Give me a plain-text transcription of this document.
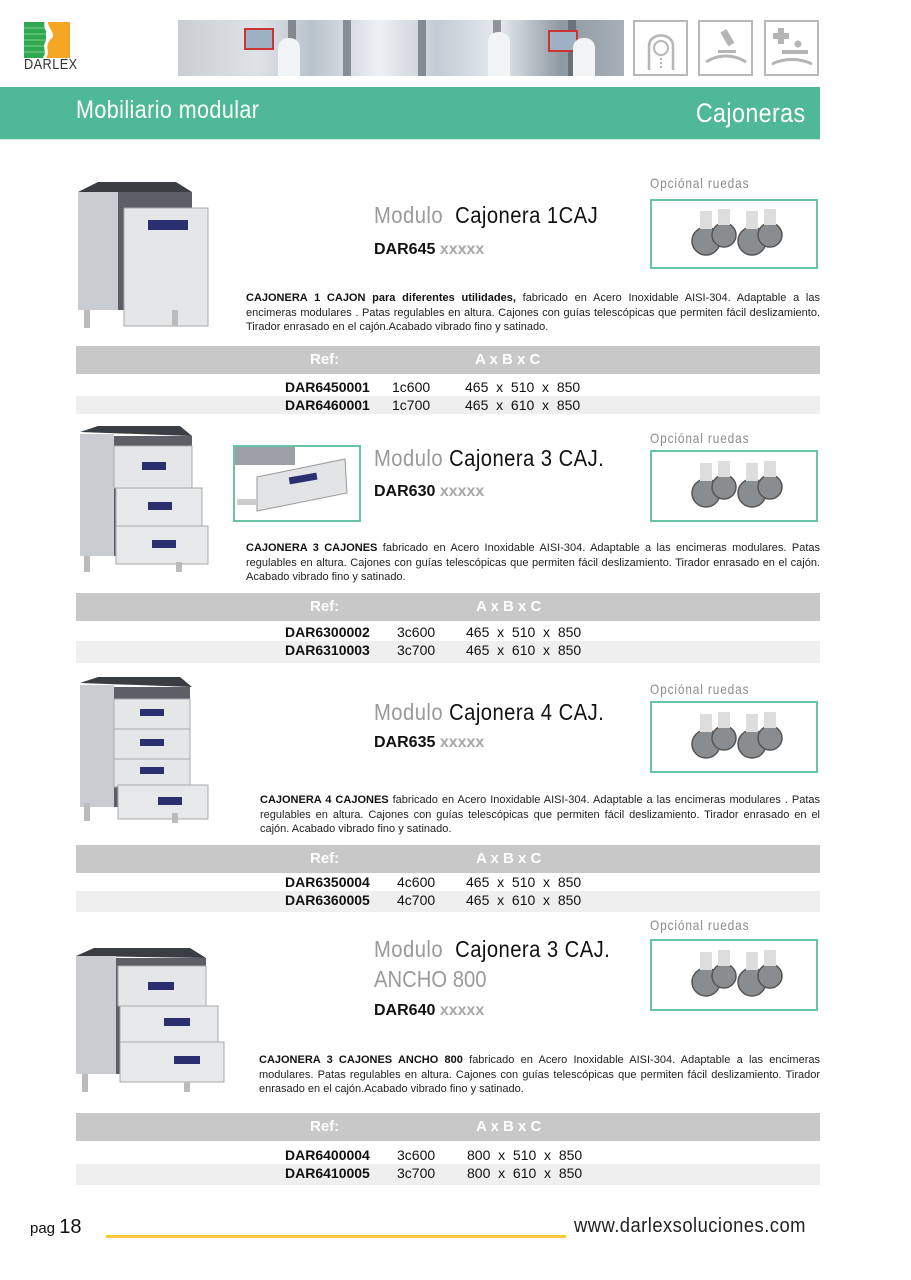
DARLEX
Mobiliario modular	Cajoneras
Opciónal ruedas
Modulo Cajonera 1CAJ
DAR645 xxxxx
CAJONERA 1 CAJON para diferentes utilidades, fabricado en Acero Inoxidable AISI-304. Adaptable a las encimeras modulares . Patas regulables en altura. Cajones con guías telescópicas que permiten fácil deslizamiento. Tirador enrasado en el cajón.Acabado vibrado fino y satinado.
Ref:	A x B x C
DAR6450001 1c600 465  x  510  x  850
DAR6460001 1c700 465  x  610  x  850
Opciónal ruedas
Modulo Cajonera 3 CAJ.
DAR630 xxxxx
CAJONERA 3 CAJONES fabricado en Acero Inoxidable AISI-304. Adaptable a las encimeras modulares. Patas regulables en altura. Cajones con guías telescópicas que permiten fácil deslizamiento. Tirador enrasado en el cajón. Acabado vibrado fino y satinado.
Ref:	A x B x C
DAR6300002 3c600 465  x  510  x  850
DAR6310003 3c700 465  x  610  x  850
Opciónal ruedas
Modulo Cajonera 4 CAJ.
DAR635 xxxxx
CAJONERA 4 CAJONES fabricado en Acero Inoxidable AISI-304. Adaptable a las encimeras modulares . Patas regulables en altura. Cajones con guías telescópicas que permiten fácil deslizamiento. Tirador enrasado en el cajón. Acabado vibrado fino y satinado.
Ref:	A x B x C
DAR6350004 4c600 465  x  510  x  850
DAR6360005 4c700 465  x  610  x  850
Opciónal ruedas
Modulo Cajonera 3 CAJ.
ANCHO 800
DAR640 xxxxx
CAJONERA 3 CAJONES ANCHO 800 fabricado en Acero Inoxidable AISI-304. Adaptable a las encimeras modulares. Patas regulables en altura. Cajones con guías telescópicas que permiten fácil deslizamiento. Tirador enrasado en el cajón.Acabado vibrado fino y satinado.
Ref:	A x B x C
DAR6400004 3c600 800  x  510  x  850
DAR6410005 3c700 800  x  610  x  850
pag 18	www.darlexsoluciones.com
